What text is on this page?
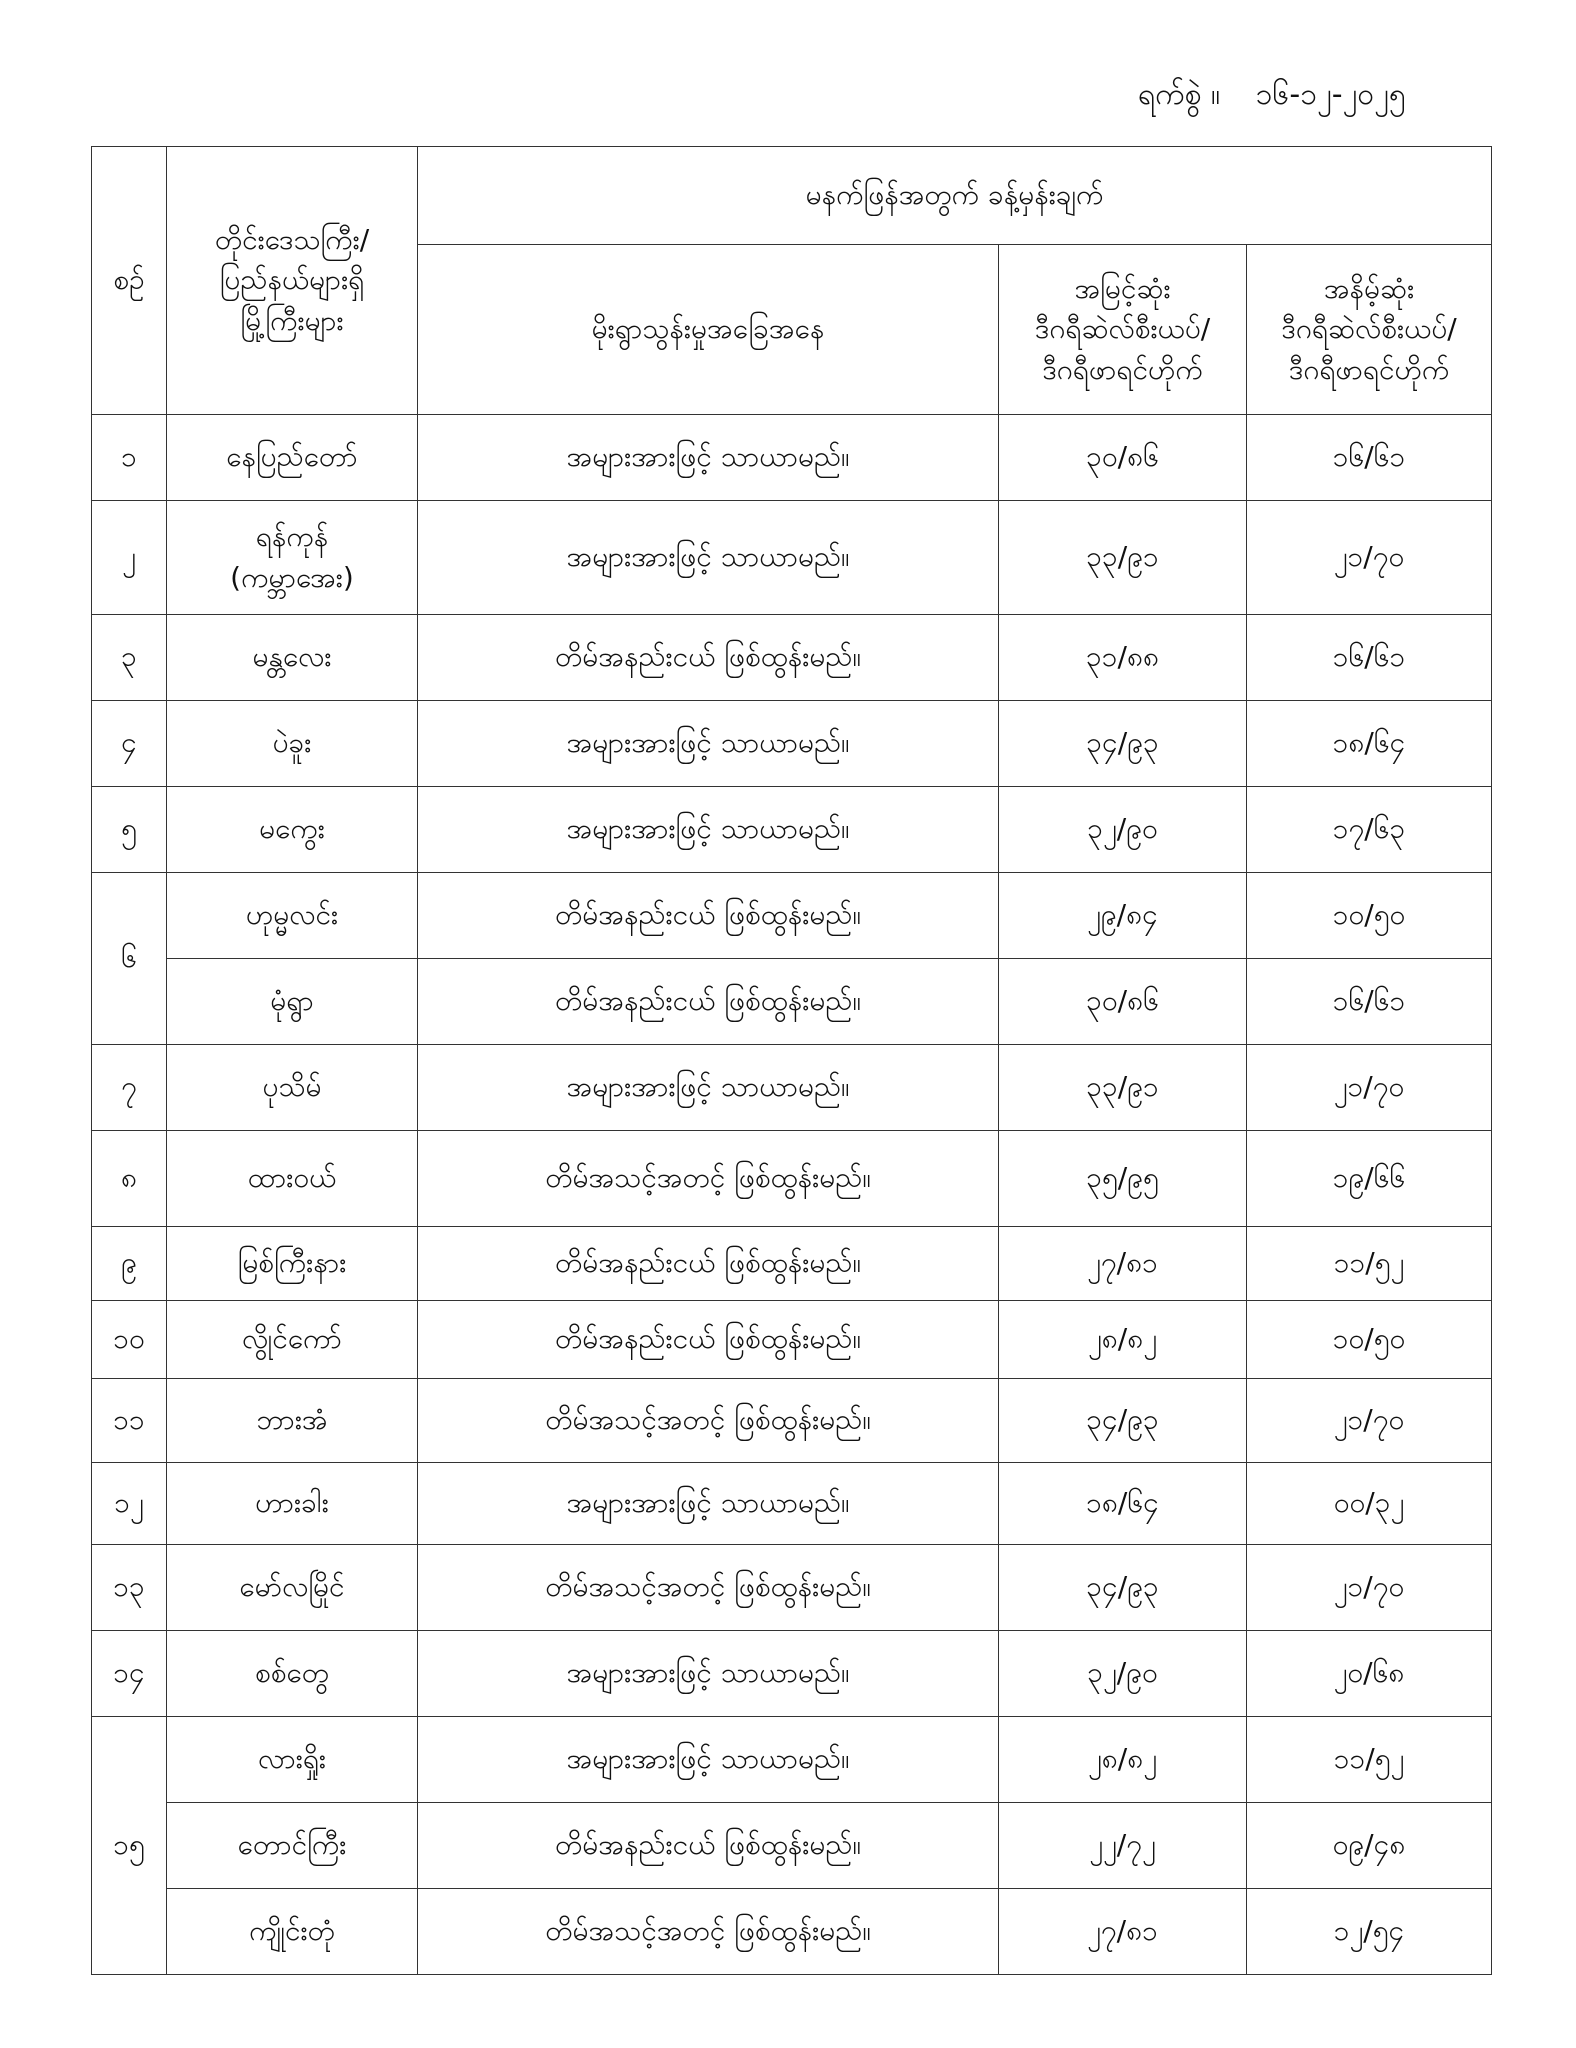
ရက်စွဲ ။ ၁၆-၁၂-၂၀၂၅
စဉ်	တိုင်းဒေသကြီး/
ပြည်နယ်များရှိ
မြို့ကြီးများ	မနက်ဖြန်အတွက် ခန့်မှန်းချက်		
		မိုးရွာသွန်းမှုအခြေအနေ	အမြင့်ဆုံး
ဒီဂရီဆဲလ်စီးယပ်/
ဒီဂရီဖာရင်ဟိုက်	အနိမ့်ဆုံး
ဒီဂရီဆဲလ်စီးယပ်/
ဒီဂရီဖာရင်ဟိုက်

၁	နေပြည်တော်	အများအားဖြင့် သာယာမည်။	၃၀/၈၆	၁၆/၆၁
၂	ရန်ကုန်
(ကမ္ဘာအေး)	အများအားဖြင့် သာယာမည်။	၃၃/၉၁	၂၁/၇၀
၃	မန္တလေး	တိမ်အနည်းငယ် ဖြစ်ထွန်းမည်။	၃၁/၈၈	၁၆/၆၁
၄	ပဲခူး	အများအားဖြင့် သာယာမည်။	၃၄/၉၃	၁၈/၆၄
၅	မကွေး	အများအားဖြင့် သာယာမည်။	၃၂/၉၀	၁၇/၆၃
၆	ဟုမ္မလင်း	တိမ်အနည်းငယ် ဖြစ်ထွန်းမည်။	၂၉/၈၄	၁၀/၅၀
	မုံရွာ	တိမ်အနည်းငယ် ဖြစ်ထွန်းမည်။	၃၀/၈၆	၁၆/၆၁
၇	ပုသိမ်	အများအားဖြင့် သာယာမည်။	၃၃/၉၁	၂၁/၇၀
၈	ထားဝယ်	တိမ်အသင့်အတင့် ဖြစ်ထွန်းမည်။	၃၅/၉၅	၁၉/၆၆
၉	မြစ်ကြီးနား	တိမ်အနည်းငယ် ဖြစ်ထွန်းမည်။	၂၇/၈၁	၁၁/၅၂
၁၀	လွိုင်ကော်	တိမ်အနည်းငယ် ဖြစ်ထွန်းမည်။	၂၈/၈၂	၁၀/၅၀
၁၁	ဘားအံ	တိမ်အသင့်အတင့် ဖြစ်ထွန်းမည်။	၃၄/၉၃	၂၁/၇၀
၁၂	ဟားခါး	အများအားဖြင့် သာယာမည်။	၁၈/၆၄	၀၀/၃၂
၁၃	မော်လမြိုင်	တိမ်အသင့်အတင့် ဖြစ်ထွန်းမည်။	၃၄/၉၃	၂၁/၇၀
၁၄	စစ်တွေ	အများအားဖြင့် သာယာမည်။	၃၂/၉၀	၂၀/၆၈
၁၅	လားရှိုး	အများအားဖြင့် သာယာမည်။	၂၈/၈၂	၁၁/၅၂
	တောင်ကြီး	တိမ်အနည်းငယ် ဖြစ်ထွန်းမည်။	၂၂/၇၂	၀၉/၄၈
	ကျိုင်းတုံ	တိမ်အသင့်အတင့် ဖြစ်ထွန်းမည်။	၂၇/၈၁	၁၂/၅၄
